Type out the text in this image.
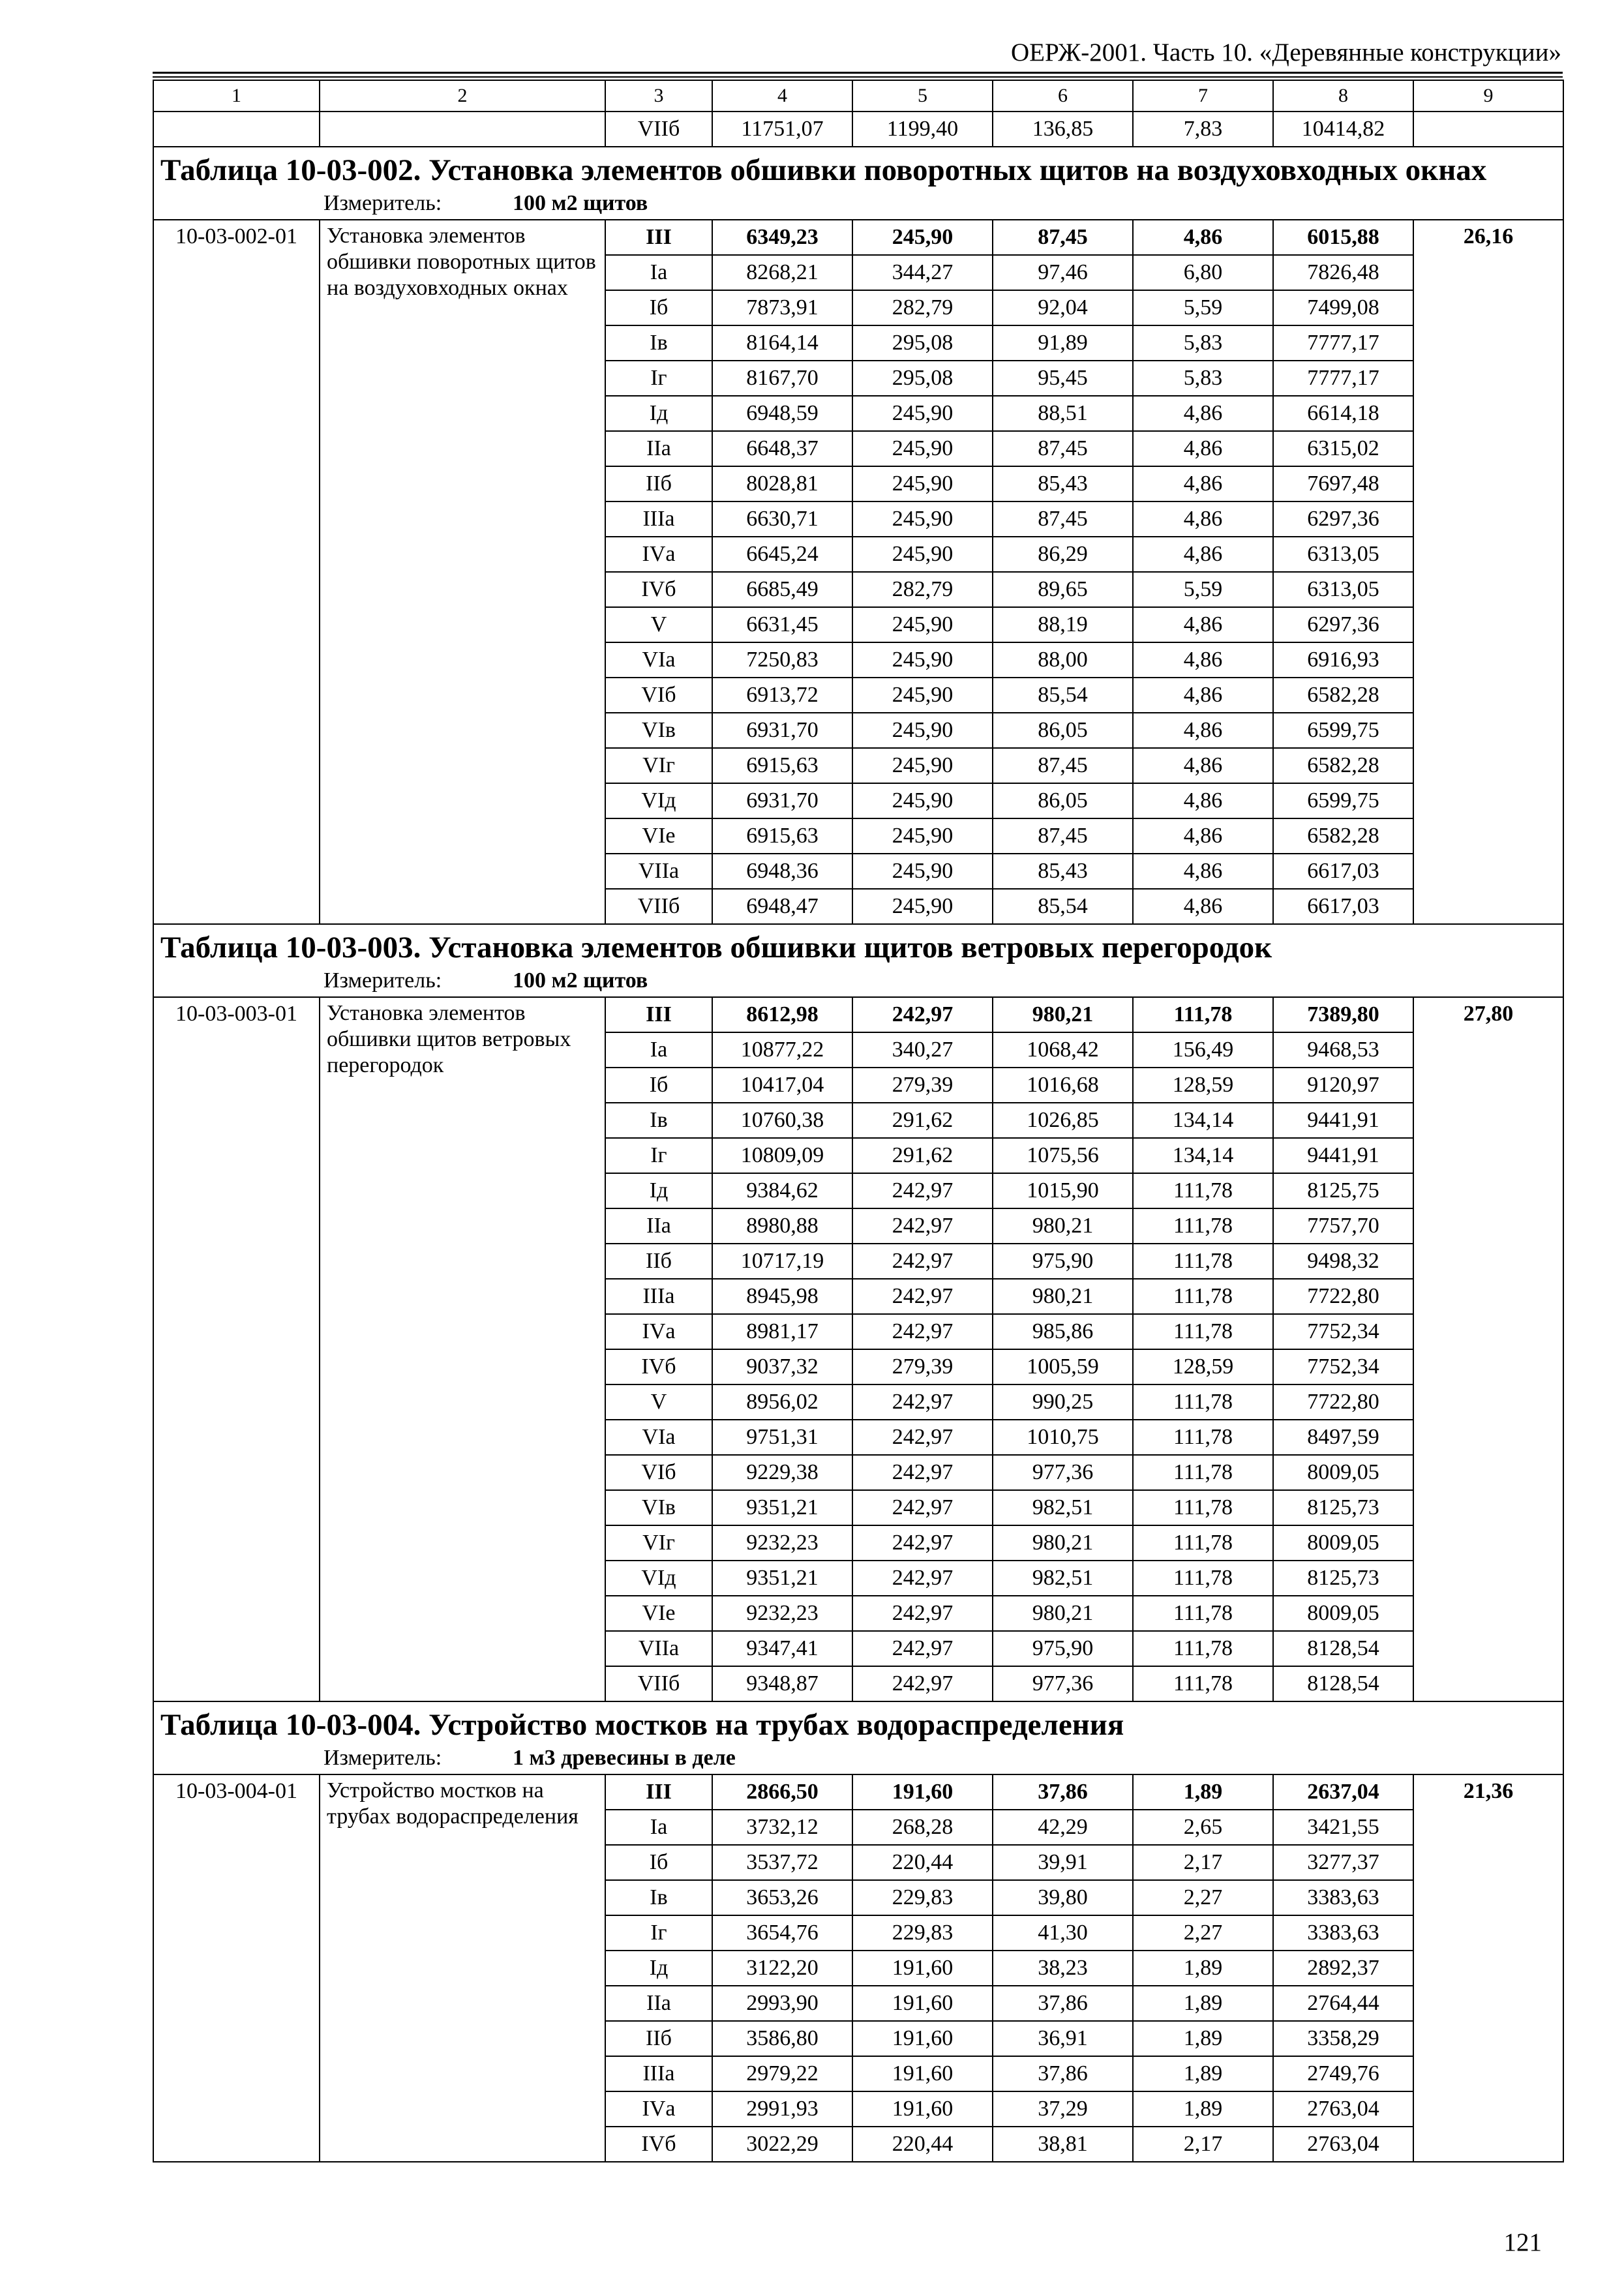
ОЕРЖ-2001. Часть 10. «Деревянные конструкции»
1	2	3	4	5	6	7	8	9
		VIIб	11751,07	1199,40	136,85	7,83	10414,82	

Таблица 10-03-002. Установка элементов обшивки поворотных щитов на воздуховходных окнах
Измеритель: 100 м2 щитов								

10-03-002-01	Установка элементов обшивки поворотных щитов на воздуховходных окнах	III	6349,23	245,90	87,45	4,86	6015,88	26,16
		Iа	8268,21	344,27	97,46	6,80	7826,48	
		Iб	7873,91	282,79	92,04	5,59	7499,08	
		Iв	8164,14	295,08	91,89	5,83	7777,17	
		Iг	8167,70	295,08	95,45	5,83	7777,17	
		Iд	6948,59	245,90	88,51	4,86	6614,18	
		IIа	6648,37	245,90	87,45	4,86	6315,02	
		IIб	8028,81	245,90	85,43	4,86	7697,48	
		IIIа	6630,71	245,90	87,45	4,86	6297,36	
		IVа	6645,24	245,90	86,29	4,86	6313,05	
		IVб	6685,49	282,79	89,65	5,59	6313,05	
		V	6631,45	245,90	88,19	4,86	6297,36	
		VIа	7250,83	245,90	88,00	4,86	6916,93	
		VIб	6913,72	245,90	85,54	4,86	6582,28	
		VIв	6931,70	245,90	86,05	4,86	6599,75	
		VIг	6915,63	245,90	87,45	4,86	6582,28	
		VIд	6931,70	245,90	86,05	4,86	6599,75	
		VIе	6915,63	245,90	87,45	4,86	6582,28	
		VIIа	6948,36	245,90	85,43	4,86	6617,03	
		VIIб	6948,47	245,90	85,54	4,86	6617,03	

Таблица 10-03-003. Установка элементов обшивки щитов ветровых перегородок
Измеритель: 100 м2 щитов								

10-03-003-01	Установка элементов обшивки щитов ветровых перегородок	III	8612,98	242,97	980,21	111,78	7389,80	27,80
		Iа	10877,22	340,27	1068,42	156,49	9468,53	
		Iб	10417,04	279,39	1016,68	128,59	9120,97	
		Iв	10760,38	291,62	1026,85	134,14	9441,91	
		Iг	10809,09	291,62	1075,56	134,14	9441,91	
		Iд	9384,62	242,97	1015,90	111,78	8125,75	
		IIа	8980,88	242,97	980,21	111,78	7757,70	
		IIб	10717,19	242,97	975,90	111,78	9498,32	
		IIIа	8945,98	242,97	980,21	111,78	7722,80	
		IVа	8981,17	242,97	985,86	111,78	7752,34	
		IVб	9037,32	279,39	1005,59	128,59	7752,34	
		V	8956,02	242,97	990,25	111,78	7722,80	
		VIа	9751,31	242,97	1010,75	111,78	8497,59	
		VIб	9229,38	242,97	977,36	111,78	8009,05	
		VIв	9351,21	242,97	982,51	111,78	8125,73	
		VIг	9232,23	242,97	980,21	111,78	8009,05	
		VIд	9351,21	242,97	982,51	111,78	8125,73	
		VIе	9232,23	242,97	980,21	111,78	8009,05	
		VIIа	9347,41	242,97	975,90	111,78	8128,54	
		VIIб	9348,87	242,97	977,36	111,78	8128,54	

Таблица 10-03-004. Устройство мостков на трубах водораспределения
Измеритель: 1 м3 древесины в деле								

10-03-004-01	Устройство мостков на трубах водораспределения	III	2866,50	191,60	37,86	1,89	2637,04	21,36
		Iа	3732,12	268,28	42,29	2,65	3421,55	
		Iб	3537,72	220,44	39,91	2,17	3277,37	
		Iв	3653,26	229,83	39,80	2,27	3383,63	
		Iг	3654,76	229,83	41,30	2,27	3383,63	
		Iд	3122,20	191,60	38,23	1,89	2892,37	
		IIа	2993,90	191,60	37,86	1,89	2764,44	
		IIб	3586,80	191,60	36,91	1,89	3358,29	
		IIIа	2979,22	191,60	37,86	1,89	2749,76	
		IVа	2991,93	191,60	37,29	1,89	2763,04	
		IVб	3022,29	220,44	38,81	2,17	2763,04	
121
